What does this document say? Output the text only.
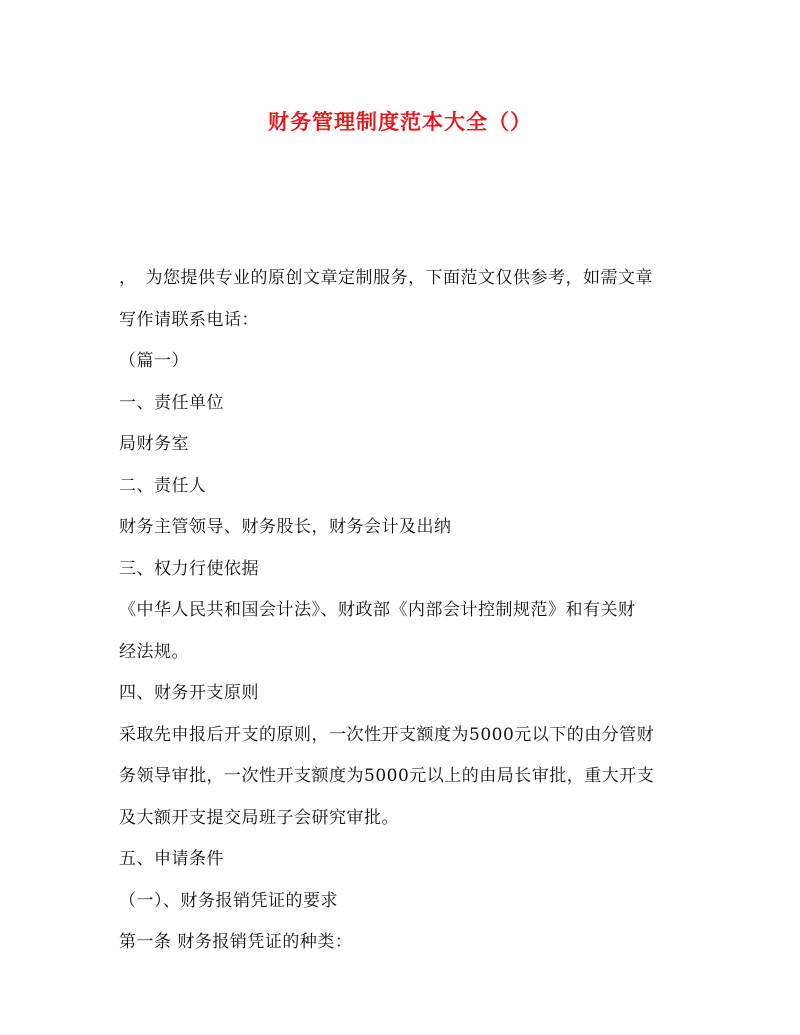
财务管理制度范本大全（）

，　为您提供专业的原创文章定制服务，下面范文仅供参考，如需文章

写作请联系电话：

（篇一）

一、责任单位

局财务室

二、责任人

财务主管领导、财务股长，财务会计及出纳

三、权力行使依据

《中华人民共和国会计法》、财政部《内部会计控制规范》和有关财

经法规。

四、财务开支原则

采取先申报后开支的原则，一次性开支额度为5000元以下的由分管财

务领导审批，一次性开支额度为5000元以上的由局长审批，重大开支

及大额开支提交局班子会研究审批。

五、申请条件

（一）、财务报销凭证的要求

第一条 财务报销凭证的种类：
